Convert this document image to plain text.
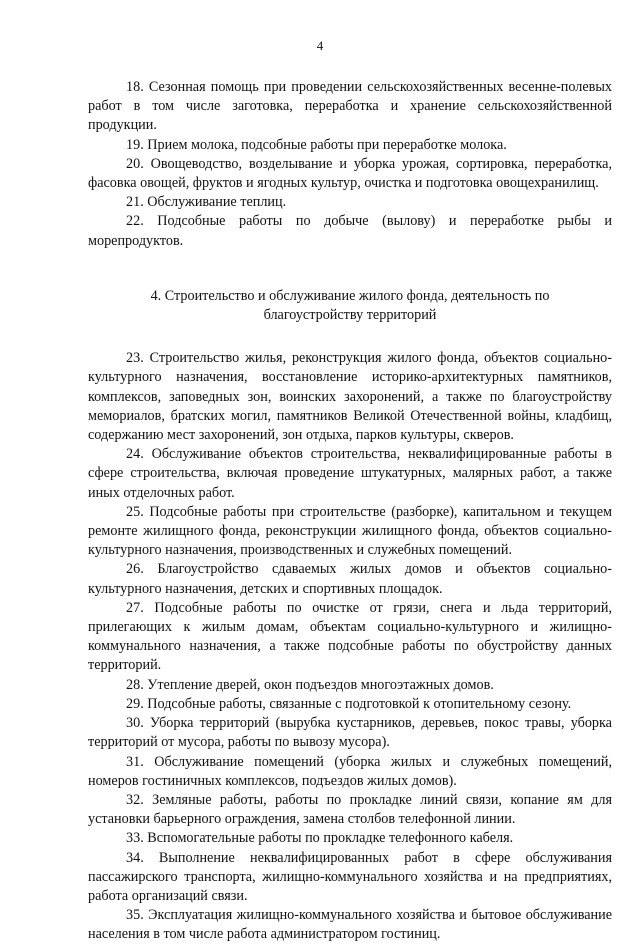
4

18. Сезонная помощь при проведении сельскохозяйственных весенне-полевых работ в том числе заготовка, переработка и хранение сельскохозяйственной продукции.

19. Прием молока, подсобные работы при переработке молока.

20. Овощеводство, возделывание и уборка урожая, сортировка, переработка, фасовка овощей, фруктов и ягодных культур, очистка и подготовка овощехранилищ.

21. Обслуживание теплиц.

22. Подсобные работы по добыче (вылову) и переработке рыбы и морепродуктов.

4. Строительство и обслуживание жилого фонда, деятельность по благоустройству территорий

23. Строительство жилья, реконструкция жилого фонда, объектов социально-культурного назначения, восстановление историко-архитектурных памятников, комплексов, заповедных зон, воинских захоронений, а также по благоустройству мемориалов, братских могил, памятников Великой Отечественной войны, кладбищ, содержанию мест захоронений, зон отдыха, парков культуры, скверов.

24. Обслуживание объектов строительства, неквалифицированные работы в сфере строительства, включая проведение штукатурных, малярных работ, а также иных отделочных работ.

25. Подсобные работы при строительстве (разборке), капитальном и текущем ремонте жилищного фонда, реконструкции жилищного фонда, объектов социально-культурного назначения, производственных и служебных помещений.

26. Благоустройство сдаваемых жилых домов и объектов социально-культурного назначения, детских и спортивных площадок.

27. Подсобные работы по очистке от грязи, снега и льда территорий, прилегающих к жилым домам, объектам социально-культурного и жилищно-коммунального назначения, а также подсобные работы по обустройству данных территорий.

28. Утепление дверей, окон подъездов многоэтажных домов.

29. Подсобные работы, связанные с подготовкой к отопительному сезону.

30. Уборка территорий (вырубка кустарников, деревьев, покос травы, уборка территорий от мусора, работы по вывозу мусора).

31. Обслуживание помещений (уборка жилых и служебных помещений, номеров гостиничных комплексов, подъездов жилых домов).

32. Земляные работы, работы по прокладке линий связи, копание ям для установки барьерного ограждения, замена столбов телефонной линии.

33. Вспомогательные работы по прокладке телефонного кабеля.

34. Выполнение неквалифицированных работ в сфере обслуживания пассажирского транспорта, жилищно-коммунального хозяйства и на предприятиях, работа организаций связи.

35. Эксплуатация жилищно-коммунального хозяйства и бытовое обслуживание населения в том числе работа администратором гостиниц.
